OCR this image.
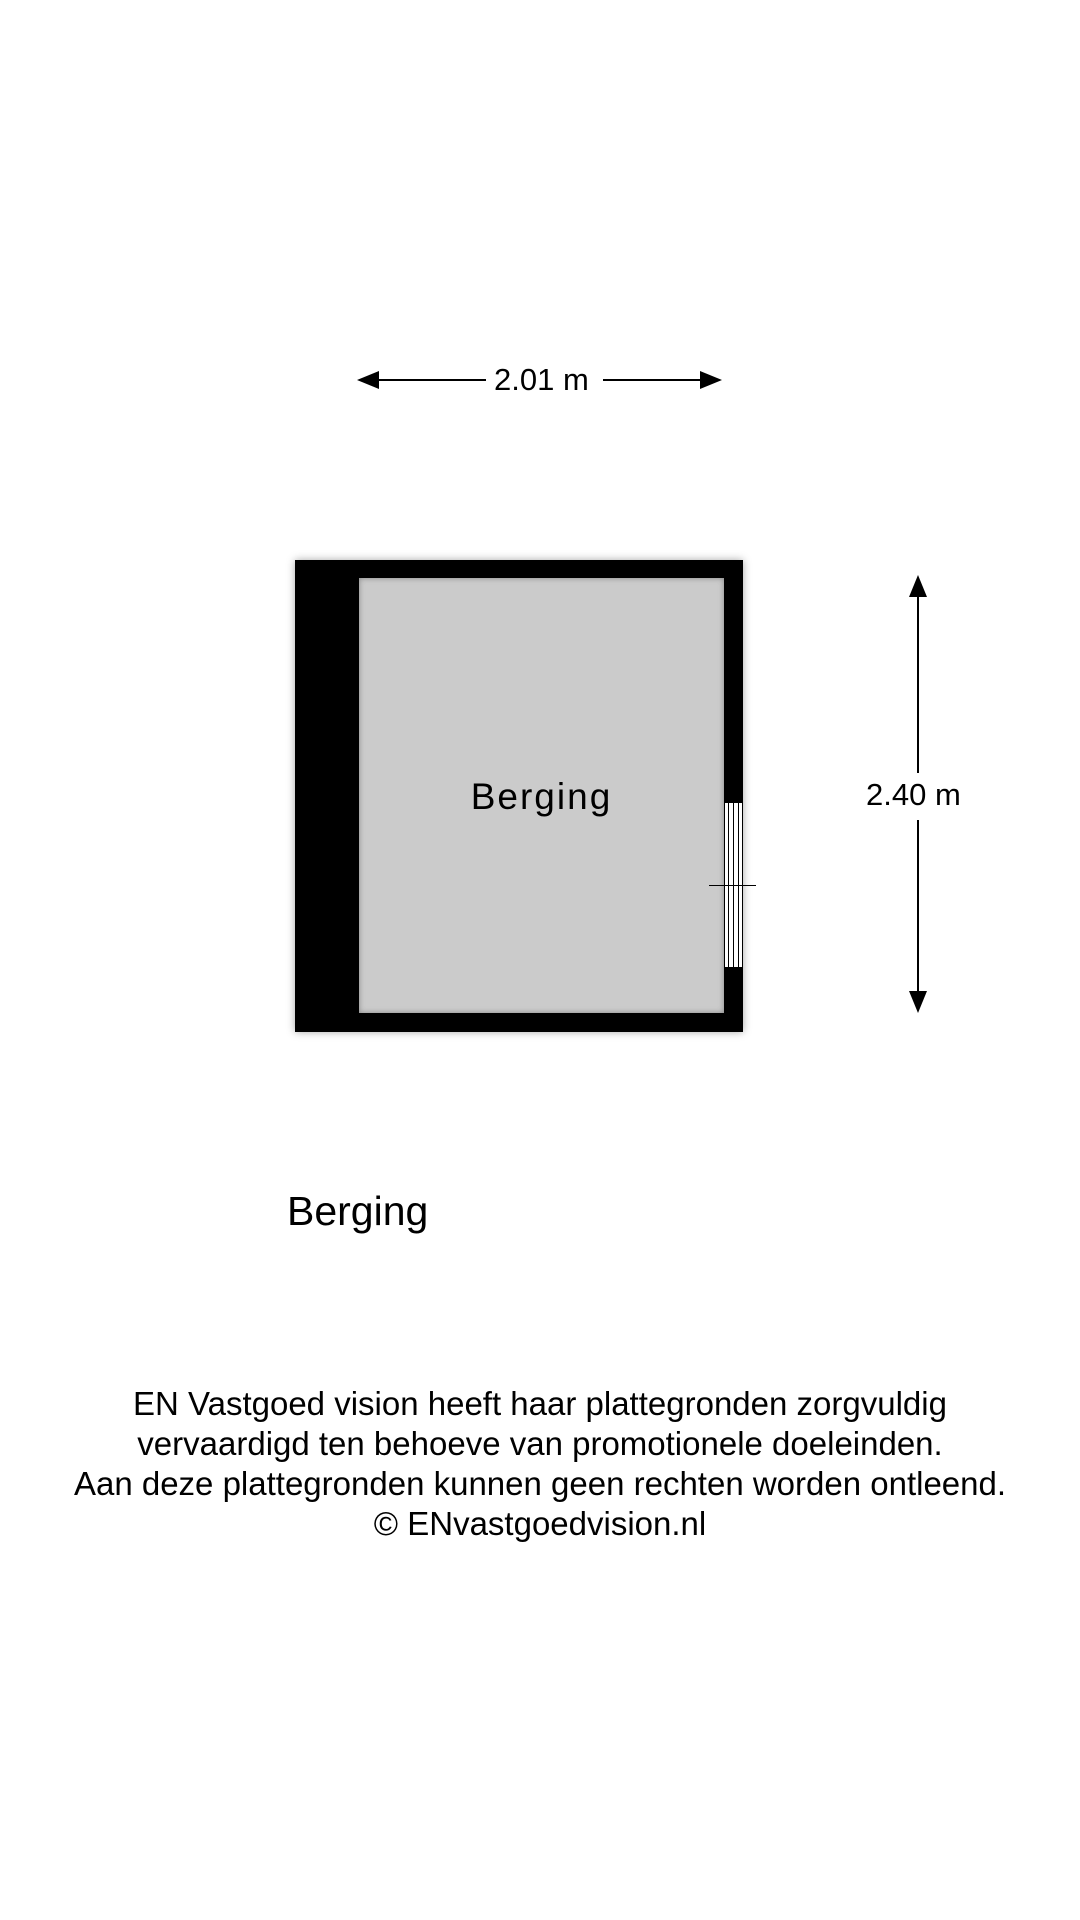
2.01 m
Berging	2.40 m
Berging
EN Vastgoed vision heeft haar plattegronden zorgvuldig
vervaardigd ten behoeve van promotionele doeleinden.
Aan deze plattegronden kunnen geen rechten worden ontleend.
© ENvastgoedvision.nl
